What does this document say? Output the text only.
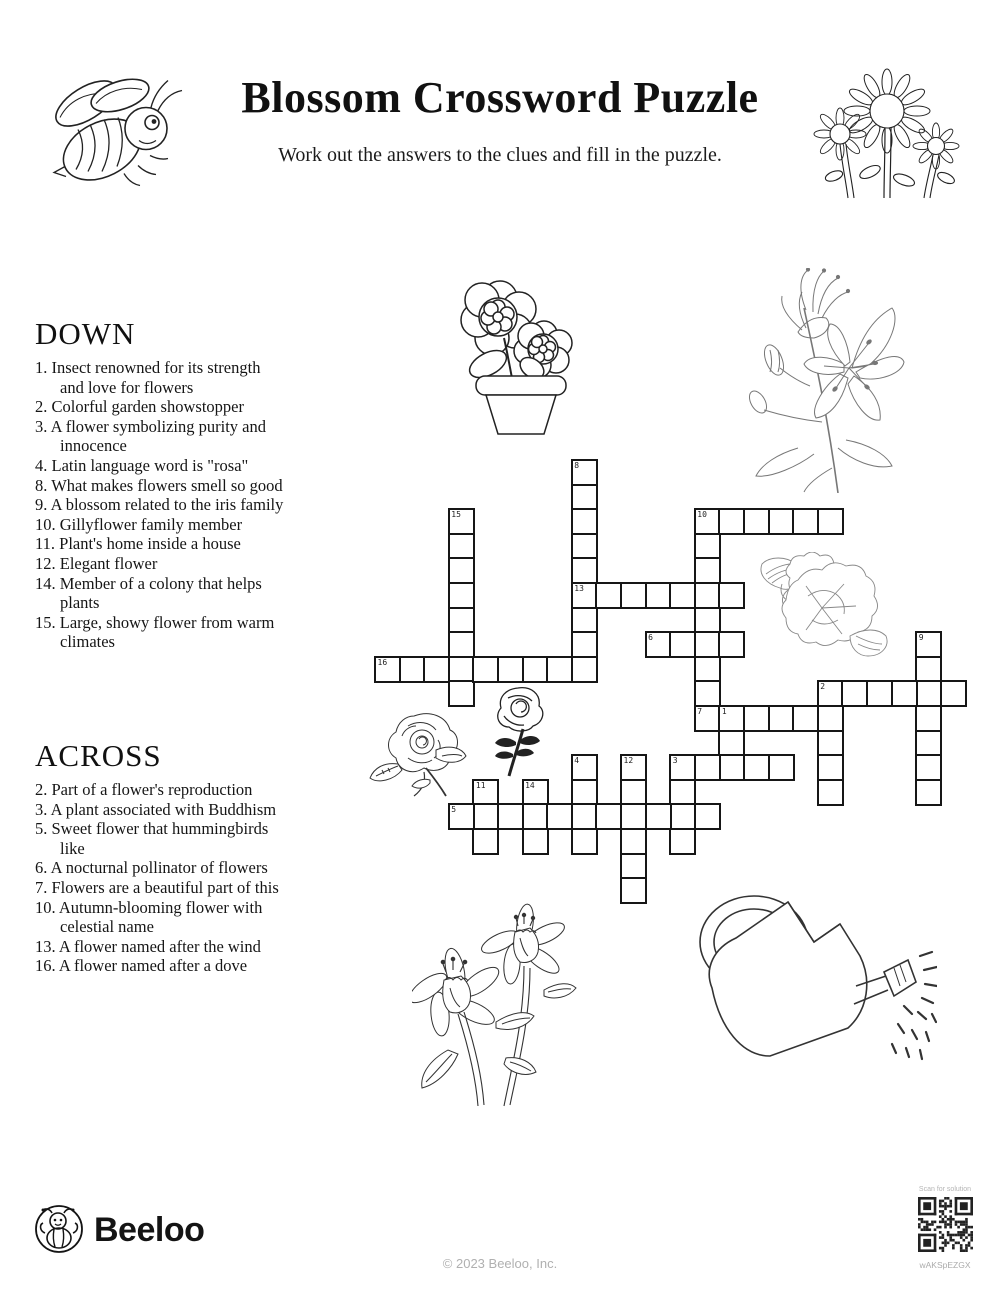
Blossom Crossword Puzzle
Work out the answers to the clues and fill in the puzzle.
DOWN
1. Insect renowned for its strength and love for flowers
2. Colorful garden showstopper
3. A flower symbolizing purity and innocence
4. Latin language word is "rosa"
8. What makes flowers smell so good
9. A blossom related to the iris family
10. Gillyflower family member
11. Plant's home inside a house
12. Elegant flower
14. Member of a colony that helps plants
15. Large, showy flower from warm climates
ACROSS
2. Part of a flower's reproduction
3. A plant associated with Buddhism
5. Sweet flower that hummingbirds like
6. A nocturnal pollinator of flowers
7. Flowers are a beautiful part of this
10. Autumn-blooming flower with celestial name
13. A flower named after the wind
16. A flower named after a dove
8
15	10
13
6	9
16
2
7 1
4	12	3
11	14
5
Beeloo
© 2023 Beeloo, Inc.
Scan for solution
wAKSpEZGX
